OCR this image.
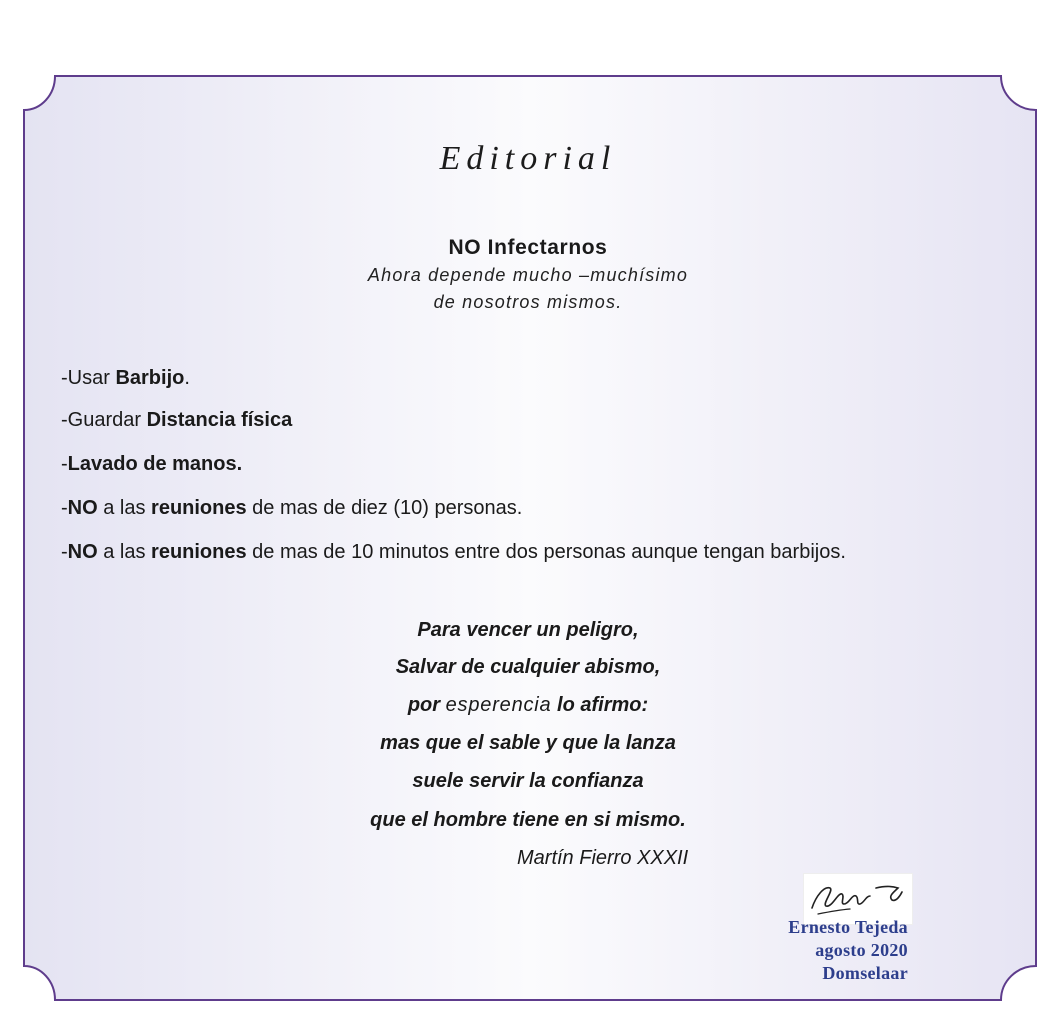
Editorial
NO Infectarnos
Ahora depende mucho –muchísimo
de nosotros mismos.
-Usar Barbijo.
-Guardar Distancia física
-Lavado de manos.
-NO a las reuniones de mas de diez (10) personas.
-NO a las reuniones de mas de 10 minutos entre dos personas aunque tengan barbijos.
Para vencer un peligro,
Salvar de cualquier abismo,
por esperencia lo afirmo:
mas que el sable y que la lanza
suele servir la confianza
que el hombre tiene en si mismo.
Martín Fierro XXXII
Ernesto Tejeda
agosto 2020
Domselaar
